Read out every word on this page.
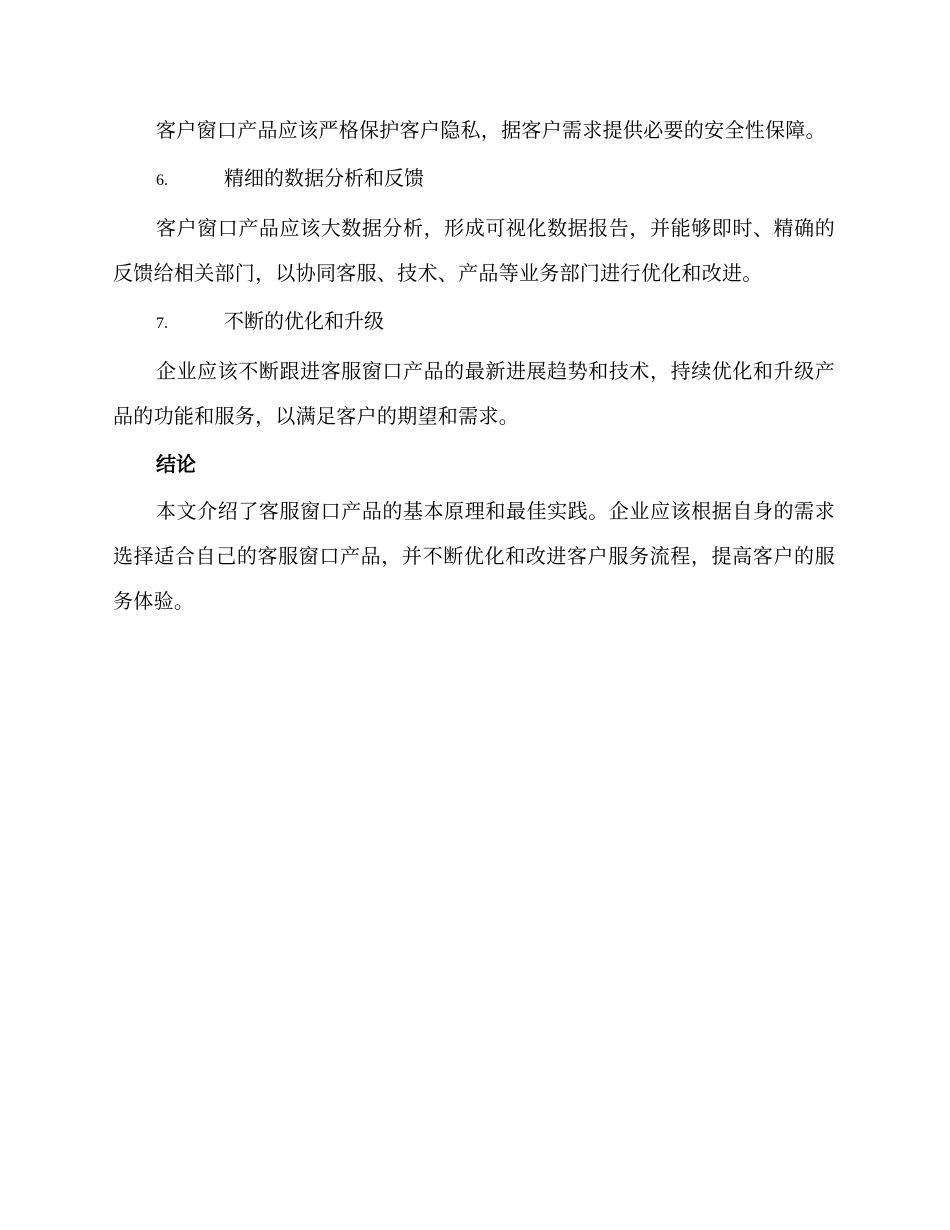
客户窗口产品应该严格保护客户隐私，据客户需求提供必要的安全性保障。

6.	精细的数据分析和反馈

客户窗口产品应该大数据分析，形成可视化数据报告，并能够即时、精确的反馈给相关部门，以协同客服、技术、产品等业务部门进行优化和改进。

7.	不断的优化和升级

企业应该不断跟进客服窗口产品的最新进展趋势和技术，持续优化和升级产品的功能和服务，以满足客户的期望和需求。

结论

本文介绍了客服窗口产品的基本原理和最佳实践。企业应该根据自身的需求选择适合自己的客服窗口产品，并不断优化和改进客户服务流程，提高客户的服务体验。
